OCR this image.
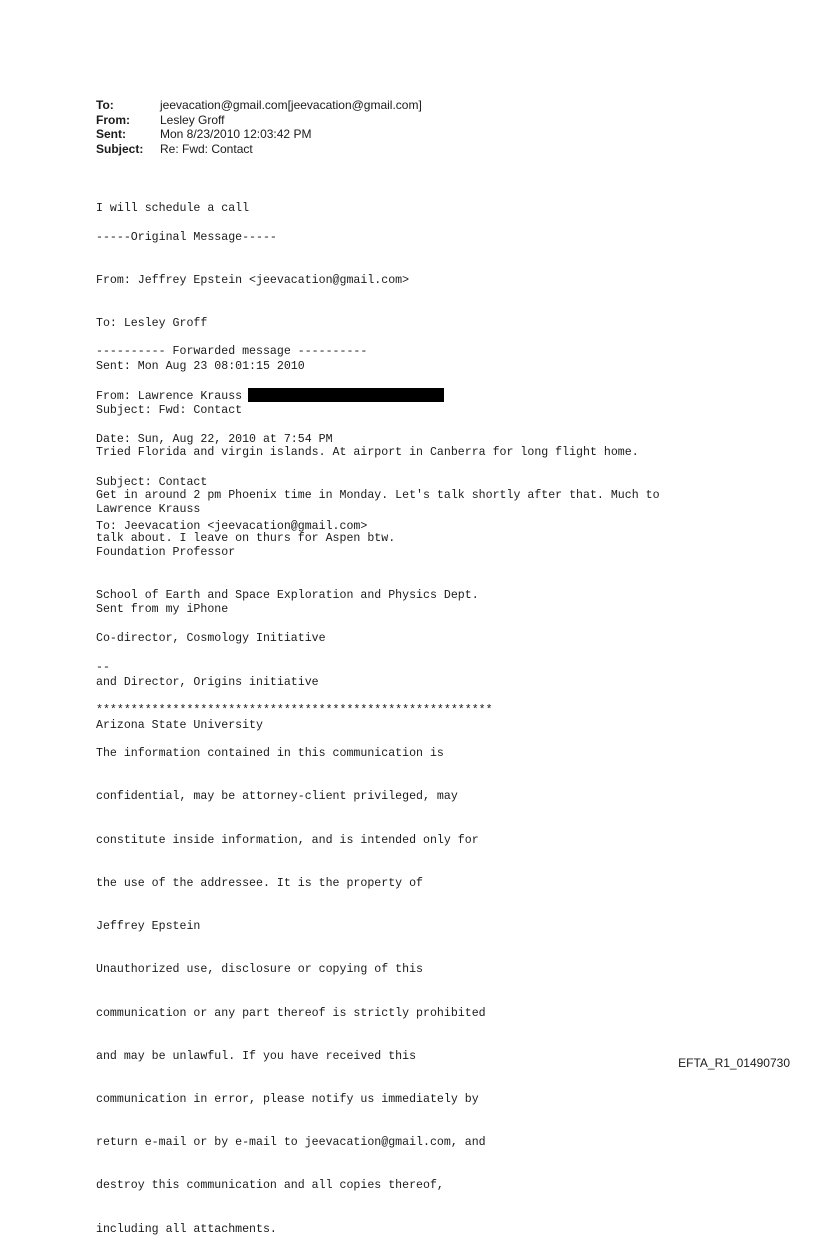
To:	jeevacation@gmail.com[jeevacation@gmail.com]
From:	Lesley Groff
Sent:	Mon 8/23/2010 12:03:42 PM
Subject:	Re: Fwd: Contact

I will schedule a call

-----Original Message-----

From: Jeffrey Epstein <jeevacation@gmail.com>

To: Lesley Groff

Sent: Mon Aug 23 08:01:15 2010

Subject: Fwd: Contact

---------- Forwarded message ----------

From: Lawrence Krauss

Date: Sun, Aug 22, 2010 at 7:54 PM

Subject: Contact

To: Jeevacation <jeevacation@gmail.com>

Tried Florida and virgin islands. At airport in Canberra for long flight home.

Get in around 2 pm Phoenix time in Monday. Let's talk shortly after that. Much to

talk about. I leave on thurs for Aspen btw.

Lawrence Krauss

Foundation Professor

School of Earth and Space Exploration and Physics Dept.

Co-director, Cosmology Initiative

and Director, Origins initiative

Arizona State University

Sent from my iPhone

--

*********************************************************

The information contained in this communication is

confidential, may be attorney-client privileged, may

constitute inside information, and is intended only for

the use of the addressee. It is the property of

Jeffrey Epstein

Unauthorized use, disclosure or copying of this

communication or any part thereof is strictly prohibited

and may be unlawful. If you have received this

communication in error, please notify us immediately by

return e-mail or by e-mail to jeevacation@gmail.com, and

destroy this communication and all copies thereof,

including all attachments.

EFTA_R1_01490730
